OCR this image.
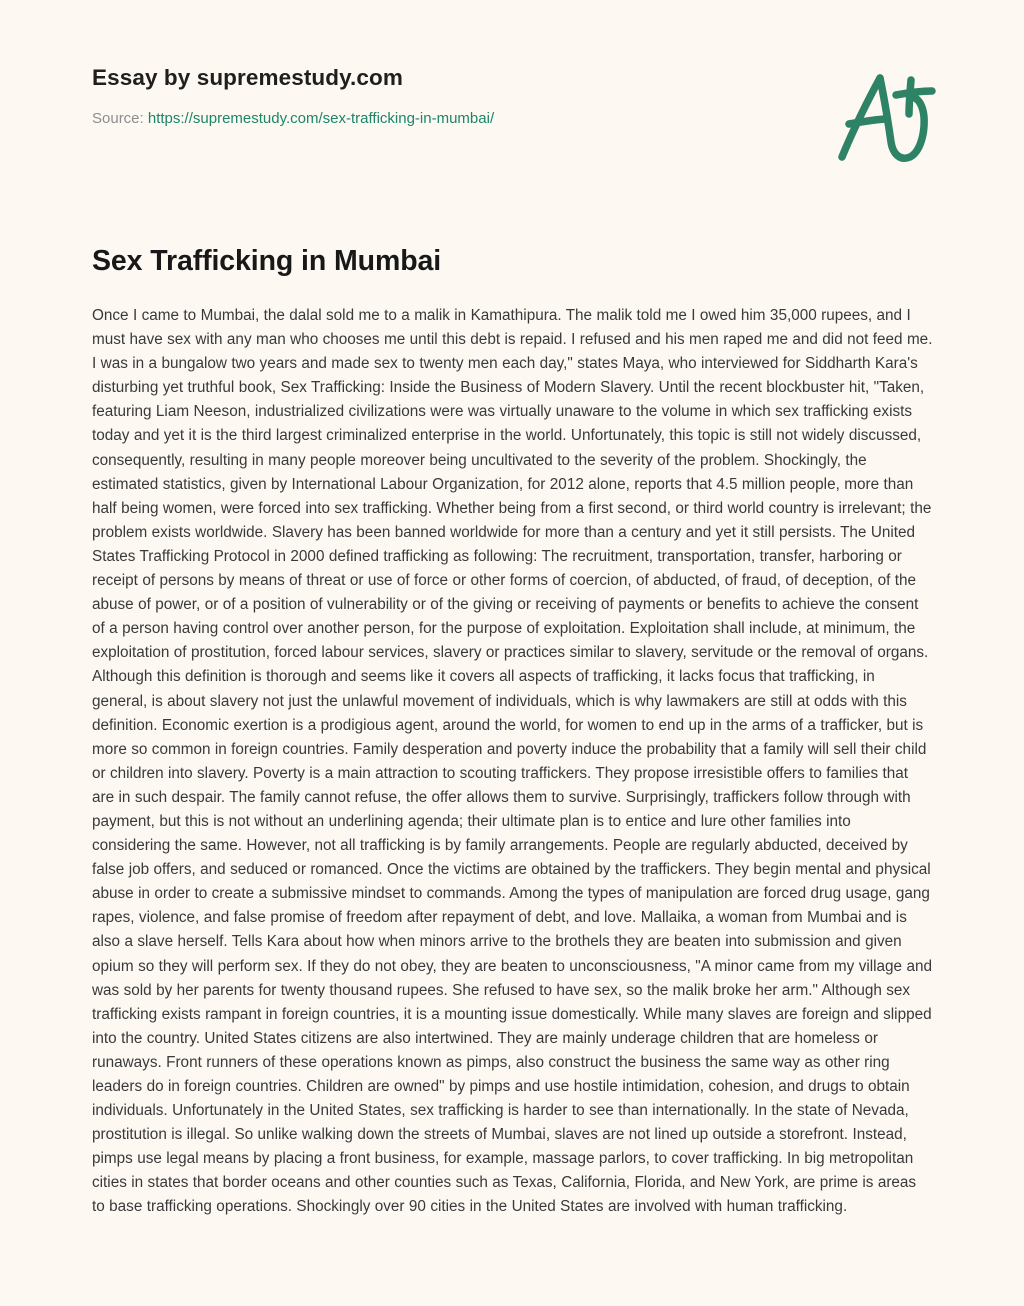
Essay by supremestudy.com
Source: https://supremestudy.com/sex-trafficking-in-mumbai/
Sex Trafficking in Mumbai

Once I came to Mumbai, the dalal sold me to a malik in Kamathipura. The malik told me I owed him 35,000 rupees, and I must have sex with any man who chooses me until this debt is repaid. I refused and his men raped me and did not feed me. I was in a bungalow two years and made sex to twenty men each day," states Maya, who interviewed for Siddharth Kara's disturbing yet truthful book, Sex Trafficking: Inside the Business of Modern Slavery. Until the recent blockbuster hit, "Taken, featuring Liam Neeson, industrialized civilizations were was virtually unaware to the volume in which sex trafficking exists today and yet it is the third largest criminalized enterprise in the world. Unfortunately, this topic is still not widely discussed, consequently, resulting in many people moreover being uncultivated to the severity of the problem. Shockingly, the estimated statistics, given by International Labour Organization, for 2012 alone, reports that 4.5 million people, more than half being women, were forced into sex trafficking. Whether being from a first second, or third world country is irrelevant; the problem exists worldwide. Slavery has been banned worldwide for more than a century and yet it still persists. The United States Trafficking Protocol in 2000 defined trafficking as following: The recruitment, transportation, transfer, harboring or receipt of persons by means of threat or use of force or other forms of coercion, of abducted, of fraud, of deception, of the abuse of power, or of a position of vulnerability or of the giving or receiving of payments or benefits to achieve the consent of a person having control over another person, for the purpose of exploitation. Exploitation shall include, at minimum, the exploitation of prostitution, forced labour services, slavery or practices similar to slavery, servitude or the removal of organs. Although this definition is thorough and seems like it covers all aspects of trafficking, it lacks focus that trafficking, in general, is about slavery not just the unlawful movement of individuals, which is why lawmakers are still at odds with this definition. Economic exertion is a prodigious agent, around the world, for women to end up in the arms of a trafficker, but is more so common in foreign countries. Family desperation and poverty induce the probability that a family will sell their child or children into slavery. Poverty is a main attraction to scouting traffickers. They propose irresistible offers to families that are in such despair. The family cannot refuse, the offer allows them to survive. Surprisingly, traffickers follow through with payment, but this is not without an underlining agenda; their ultimate plan is to entice and lure other families into considering the same. However, not all trafficking is by family arrangements. People are regularly abducted, deceived by false job offers, and seduced or romanced. Once the victims are obtained by the traffickers. They begin mental and physical abuse in order to create a submissive mindset to commands. Among the types of manipulation are forced drug usage, gang rapes, violence, and false promise of freedom after repayment of debt, and love. Mallaika, a woman from Mumbai and is also a slave herself. Tells Kara about how when minors arrive to the brothels they are beaten into submission and given opium so they will perform sex. If they do not obey, they are beaten to unconsciousness, "A minor came from my village and was sold by her parents for twenty thousand rupees. She refused to have sex, so the malik broke her arm." Although sex trafficking exists rampant in foreign countries, it is a mounting issue domestically. While many slaves are foreign and slipped into the country. United States citizens are also intertwined. They are mainly underage children that are homeless or runaways. Front runners of these operations known as pimps, also construct the business the same way as other ring leaders do in foreign countries. Children are owned" by pimps and use hostile intimidation, cohesion, and drugs to obtain individuals. Unfortunately in the United States, sex trafficking is harder to see than internationally. In the state of Nevada, prostitution is illegal. So unlike walking down the streets of Mumbai, slaves are not lined up outside a storefront. Instead, pimps use legal means by placing a front business, for example, massage parlors, to cover trafficking. In big metropolitan cities in states that border oceans and other counties such as Texas, California, Florida, and New York, are prime is areas to base trafficking operations. Shockingly over 90 cities in the United States are involved with human trafficking.
